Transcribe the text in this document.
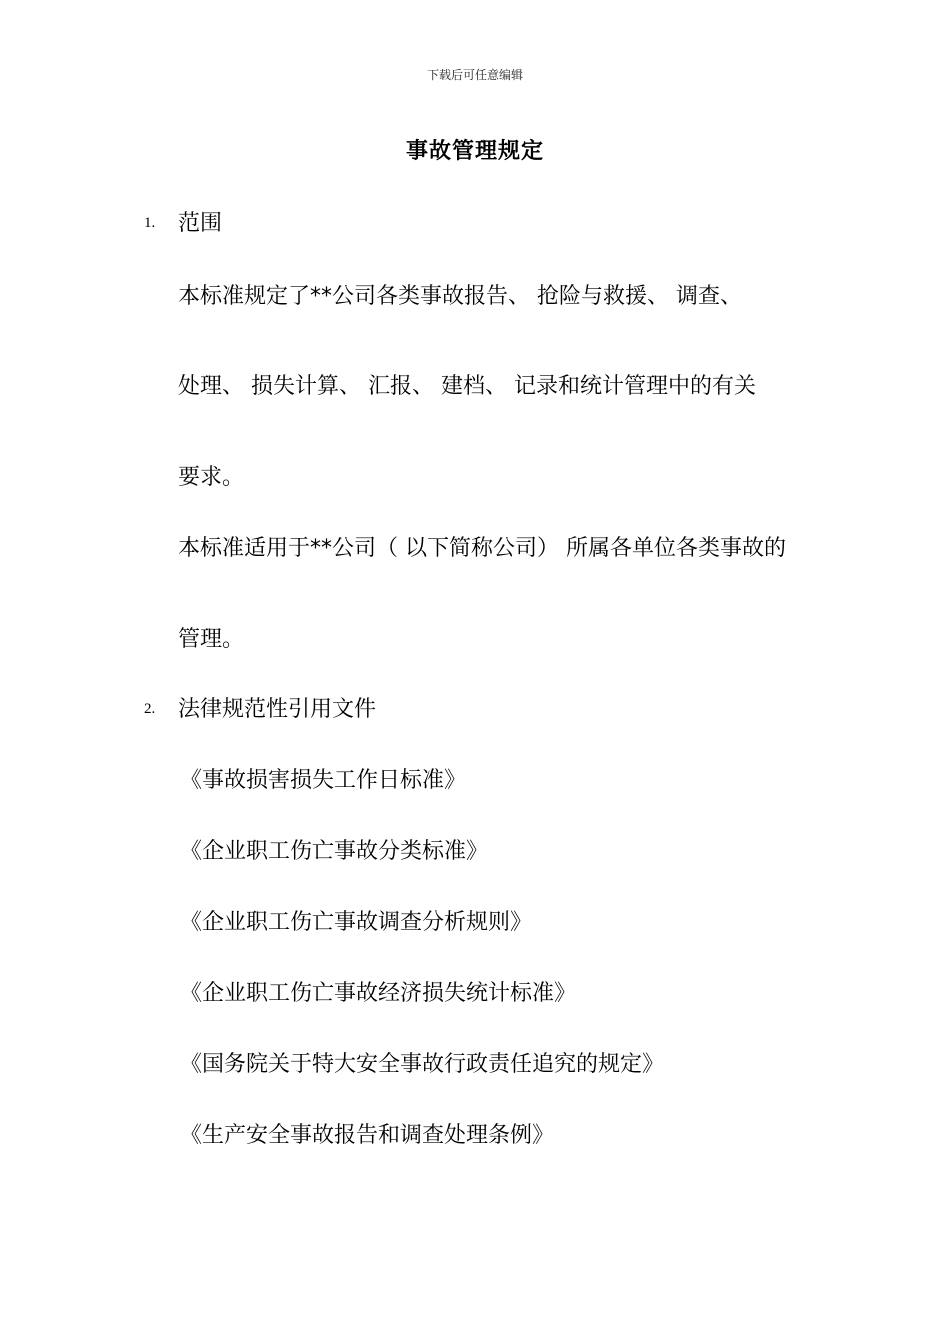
下载后可任意编辑
事故管理规定
1. 范围
本标准规定了**公司各类事故报告、 抢险与救援、 调查、
处理、 损失计算、 汇报、 建档、 记录和统计管理中的有关
要求。
本标准适用于**公司（ 以下简称公司） 所属各单位各类事故的
管理。
2. 法律规范性引用文件
《事故损害损失工作日标准》
《企业职工伤亡事故分类标准》
《企业职工伤亡事故调查分析规则》
《企业职工伤亡事故经济损失统计标准》
《国务院关于特大安全事故行政责任追究的规定》
《生产安全事故报告和调查处理条例》
